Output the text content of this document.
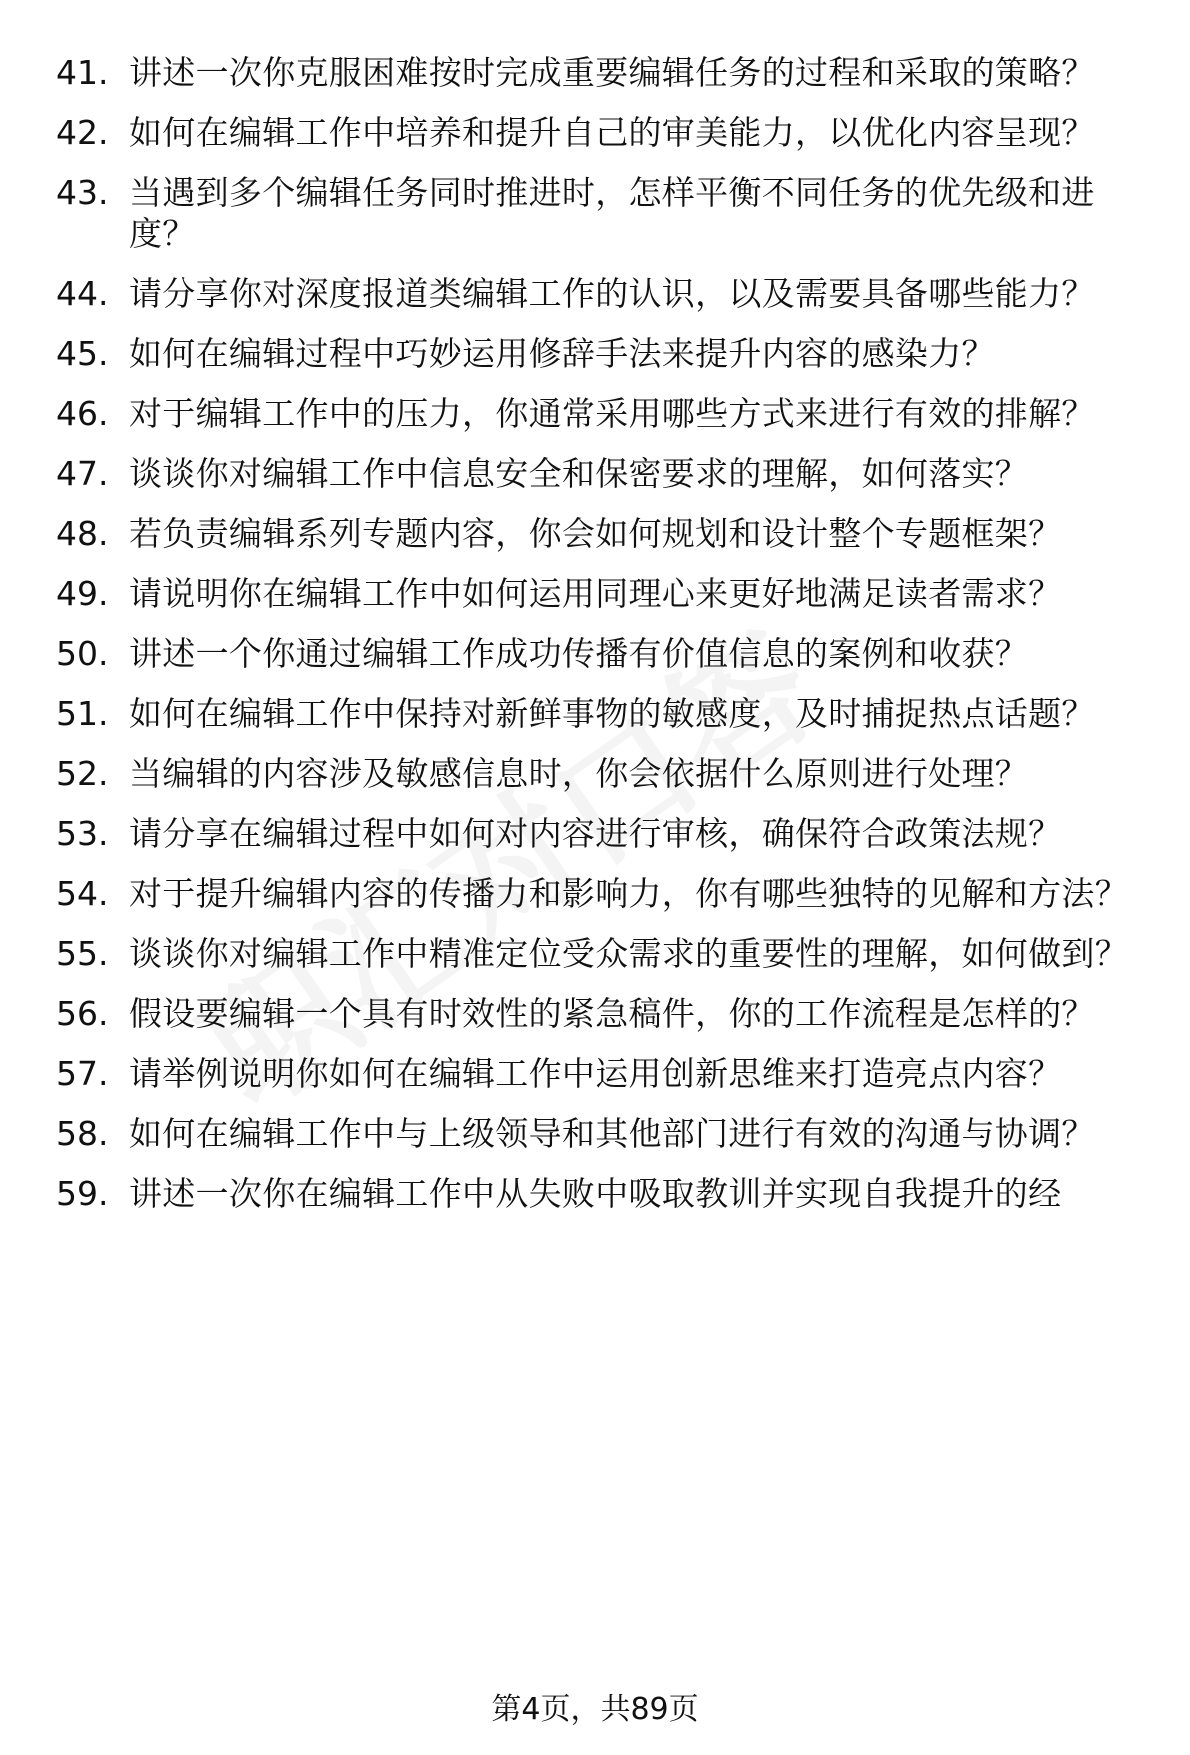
41. 讲述一次你克服困难按时完成重要编辑任务的过程和采取的策略？
42. 如何在编辑工作中培养和提升自己的审美能力，以优化内容呈现？
43. 当遇到多个编辑任务同时推进时，怎样平衡不同任务的优先级和进度？
44. 请分享你对深度报道类编辑工作的认识，以及需要具备哪些能力？
45. 如何在编辑过程中巧妙运用修辞手法来提升内容的感染力？
46. 对于编辑工作中的压力，你通常采用哪些方式来进行有效的排解？
47. 谈谈你对编辑工作中信息安全和保密要求的理解，如何落实？
48. 若负责编辑系列专题内容，你会如何规划和设计整个专题框架？
49. 请说明你在编辑工作中如何运用同理心来更好地满足读者需求？
50. 讲述一个你通过编辑工作成功传播有价值信息的案例和收获？
51. 如何在编辑工作中保持对新鲜事物的敏感度，及时捕捉热点话题？
52. 当编辑的内容涉及敏感信息时，你会依据什么原则进行处理？
53. 请分享在编辑过程中如何对内容进行审核，确保符合政策法规？
54. 对于提升编辑内容的传播力和影响力，你有哪些独特的见解和方法？
55. 谈谈你对编辑工作中精准定位受众需求的重要性的理解，如何做到？
56. 假设要编辑一个具有时效性的紧急稿件，你的工作流程是怎样的？
57. 请举例说明你如何在编辑工作中运用创新思维来打造亮点内容？
58. 如何在编辑工作中与上级领导和其他部门进行有效的沟通与协调？
59. 讲述一次你在编辑工作中从失败中吸取教训并实现自我提升的经
第4页，共89页
